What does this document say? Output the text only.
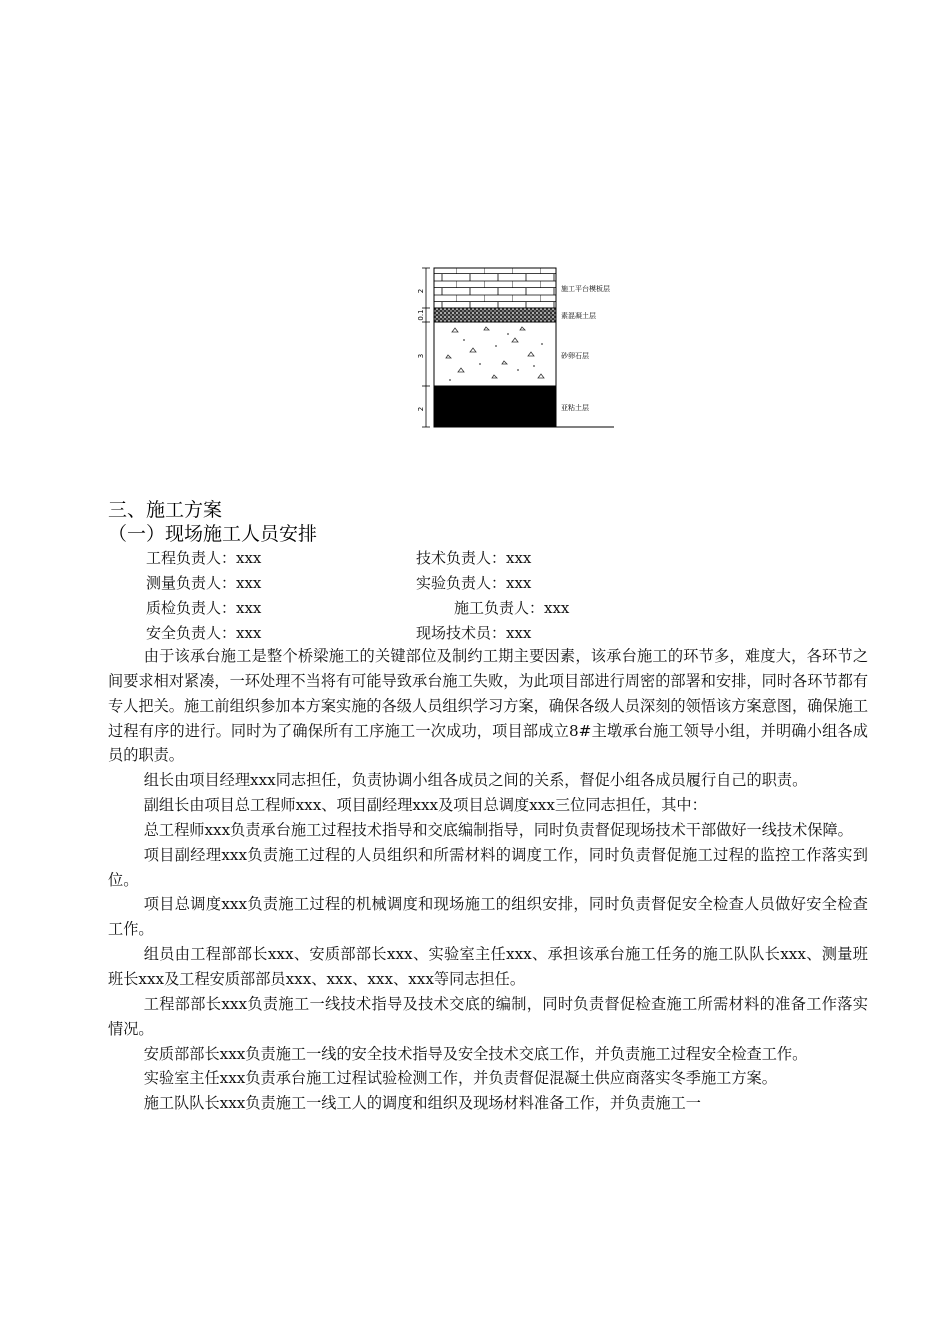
2
0.1
3
2
施工平台模板层
素混凝土层
砂卵石层
亚粘土层
三、施工方案
（一）现场施工人员安排
工程负责人：xxx	技术负责人：xxx
测量负责人：xxx	实验负责人：xxx
质检负责人：xxx	施工负责人：xxx
安全负责人：xxx	现场技术员：xxx

由于该承台施工是整个桥梁施工的关键部位及制约工期主要因素，该承台施工的环节多，难度大，各环节之间要求相对紧凑，一环处理不当将有可能导致承台施工失败，为此项目部进行周密的部署和安排，同时各环节都有专人把关。施工前组织参加本方案实施的各级人员组织学习方案，确保各级人员深刻的领悟该方案意图，确保施工过程有序的进行。同时为了确保所有工序施工一次成功，项目部成立8#主墩承台施工领导小组，并明确小组各成员的职责。

组长由项目经理xxx同志担任，负责协调小组各成员之间的关系，督促小组各成员履行自己的职责。

副组长由项目总工程师xxx、项目副经理xxx及项目总调度xxx三位同志担任，其中：

总工程师xxx负责承台施工过程技术指导和交底编制指导，同时负责督促现场技术干部做好一线技术保障。

项目副经理xxx负责施工过程的人员组织和所需材料的调度工作，同时负责督促施工过程的监控工作落实到位。

项目总调度xxx负责施工过程的机械调度和现场施工的组织安排，同时负责督促安全检查人员做好安全检查工作。

组员由工程部部长xxx、安质部部长xxx、实验室主任xxx、承担该承台施工任务的施工队队长xxx、测量班班长xxx及工程安质部部员xxx、xxx、xxx、xxx等同志担任。

工程部部长xxx负责施工一线技术指导及技术交底的编制，同时负责督促检查施工所需材料的准备工作落实情况。

安质部部长xxx负责施工一线的安全技术指导及安全技术交底工作，并负责施工过程安全检查工作。

实验室主任xxx负责承台施工过程试验检测工作，并负责督促混凝土供应商落实冬季施工方案。

施工队队长xxx负责施工一线工人的调度和组织及现场材料准备工作，并负责施工一
